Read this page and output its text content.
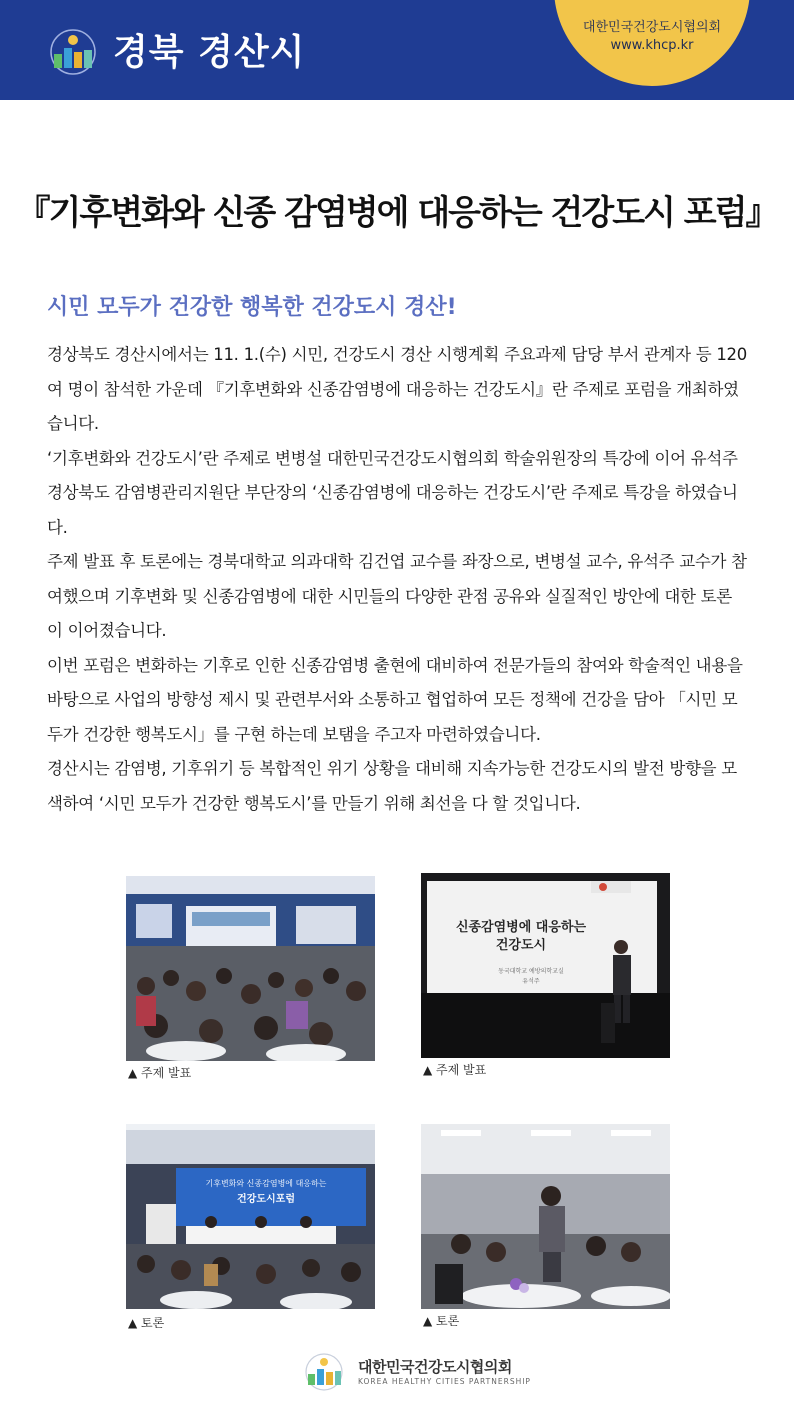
경북 경산시
대한민국건강도시협의회
www.khcp.kr
『기후변화와 신종 감염병에 대응하는 건강도시 포럼』
시민 모두가 건강한 행복한 건강도시 경산!

경상북도 경산시에서는 11. 1.(수) 시민, 건강도시 경산 시행계획 주요과제 담당 부서 관계자 등 120여 명이 참석한 가운데 『기후변화와 신종감염병에 대응하는 건강도시』란 주제로 포럼을 개최하였습니다.

‘기후변화와 건강도시’란 주제로 변병설 대한민국건강도시협의회 학술위원장의 특강에 이어 유석주 경상북도 감염병관리지원단 부단장의 ‘신종감염병에 대응하는 건강도시’란 주제로 특강을 하였습니다.

주제 발표 후 토론에는 경북대학교 의과대학 김건엽 교수를 좌장으로, 변병설 교수, 유석주 교수가 참여했으며 기후변화 및 신종감염병에 대한 시민들의 다양한 관점 공유와 실질적인 방안에 대한 토론이 이어졌습니다.

이번 포럼은 변화하는 기후로 인한 신종감염병 출현에 대비하여 전문가들의 참여와 학술적인 내용을 바탕으로 사업의 방향성 제시 및 관련부서와 소통하고 협업하여 모든 정책에 건강을 담아 「시민 모두가 건강한 행복도시」를 구현 하는데 보탬을 주고자 마련하였습니다.

경산시는 감염병, 기후위기 등 복합적인 위기 상황을 대비해 지속가능한 건강도시의 발전 방향을 모색하여 ‘시민 모두가 건강한 행복도시’를 만들기 위해 최선을 다 할 것입니다.

▲ 주제 발표
신종감염병에 대응하는
건강도시
동국대학교 예방의학교실
유석주
▲ 주제 발표
기후변화와 신종감염병에 대응하는
건강도시포럼
▲ 토론	▲ 토론
대한민국건강도시협의회
KOREA HEALTHY CITIES PARTNERSHIP
